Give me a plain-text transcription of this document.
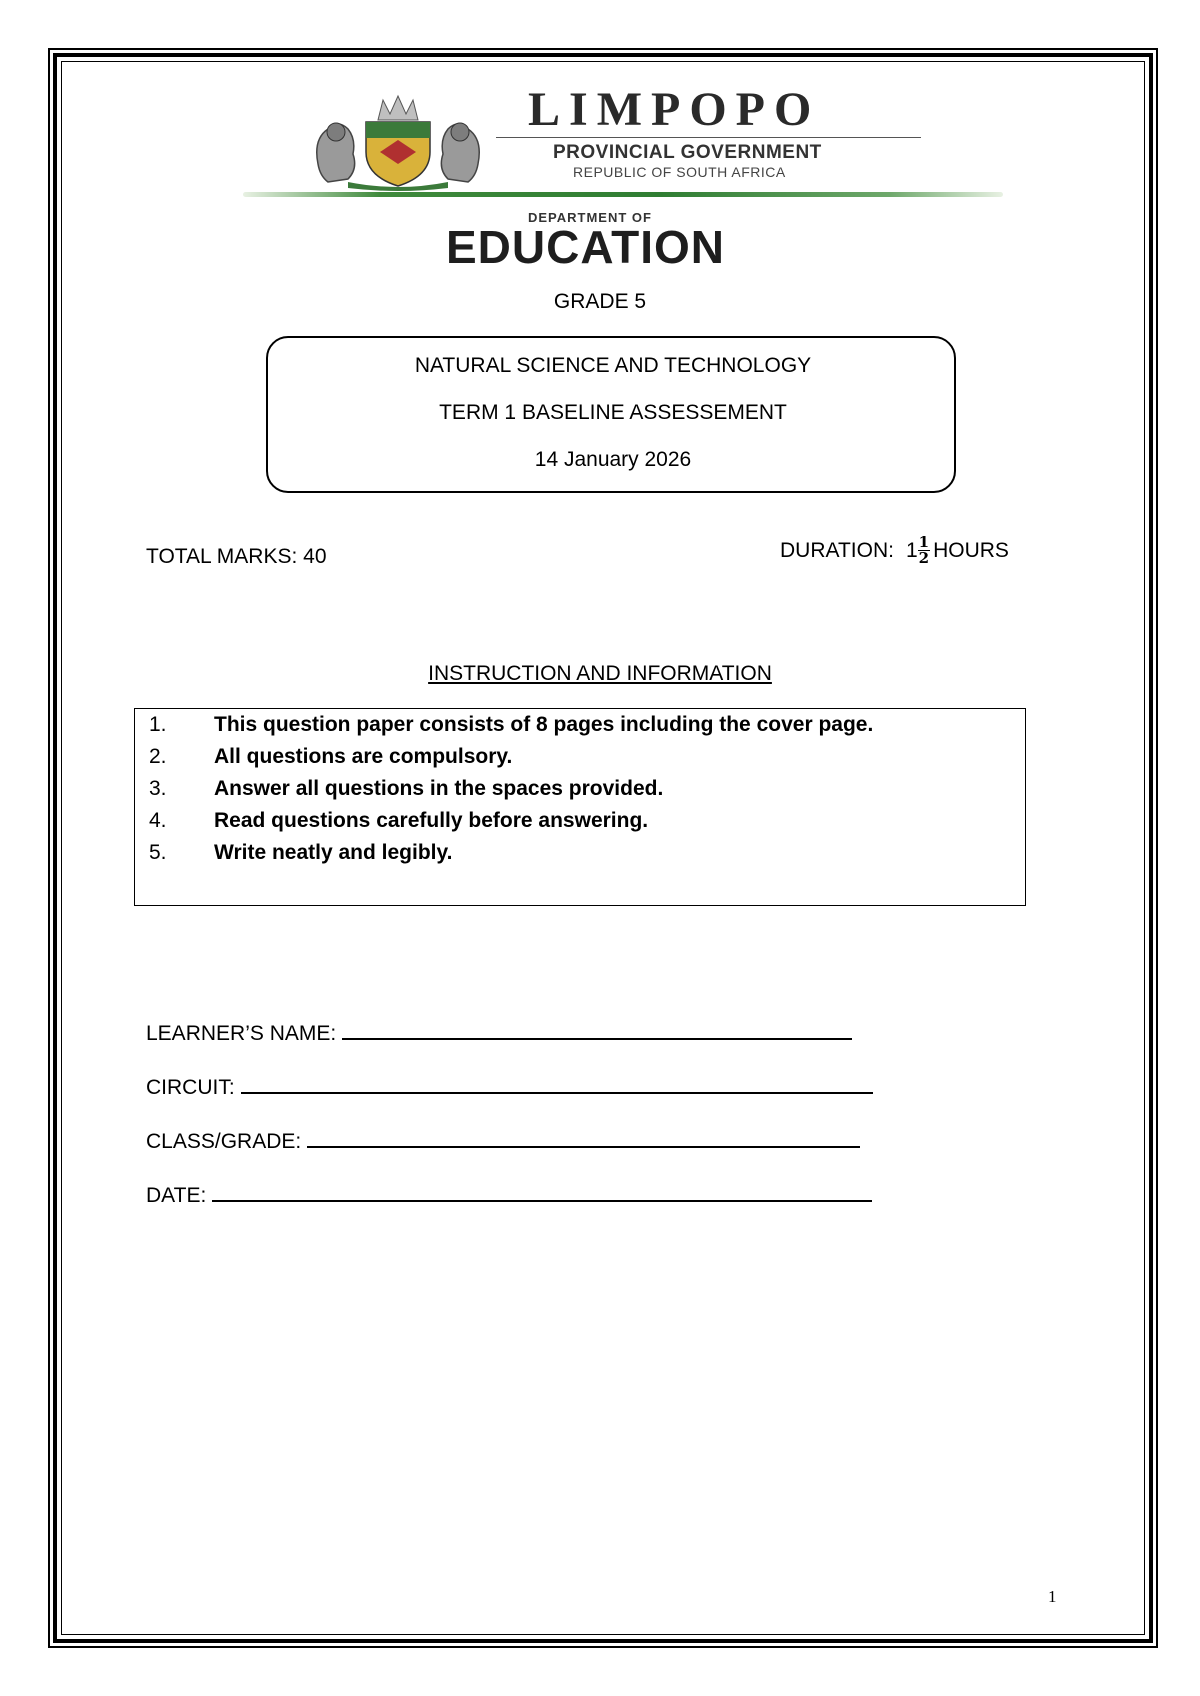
LIMPOPO
PROVINCIAL GOVERNMENT
REPUBLIC OF SOUTH AFRICA
DEPARTMENT OF
EDUCATION
GRADE 5
NATURAL SCIENCE AND TECHNOLOGY
TERM 1 BASELINE ASSESSEMENT
14 January 2026
TOTAL MARKS: 40	DURATION: $1 \frac{1}{2}$ HOURS
INSTRUCTION AND INFORMATION
1.	This question paper consists of 8 pages including the cover page.
2.	All questions are compulsory.
3.	Answer all questions in the spaces provided.
4.	Read questions carefully before answering.
5.	Write neatly and legibly.
LEARNER’S NAME:
CIRCUIT:
CLASS/GRADE:
DATE:
1
